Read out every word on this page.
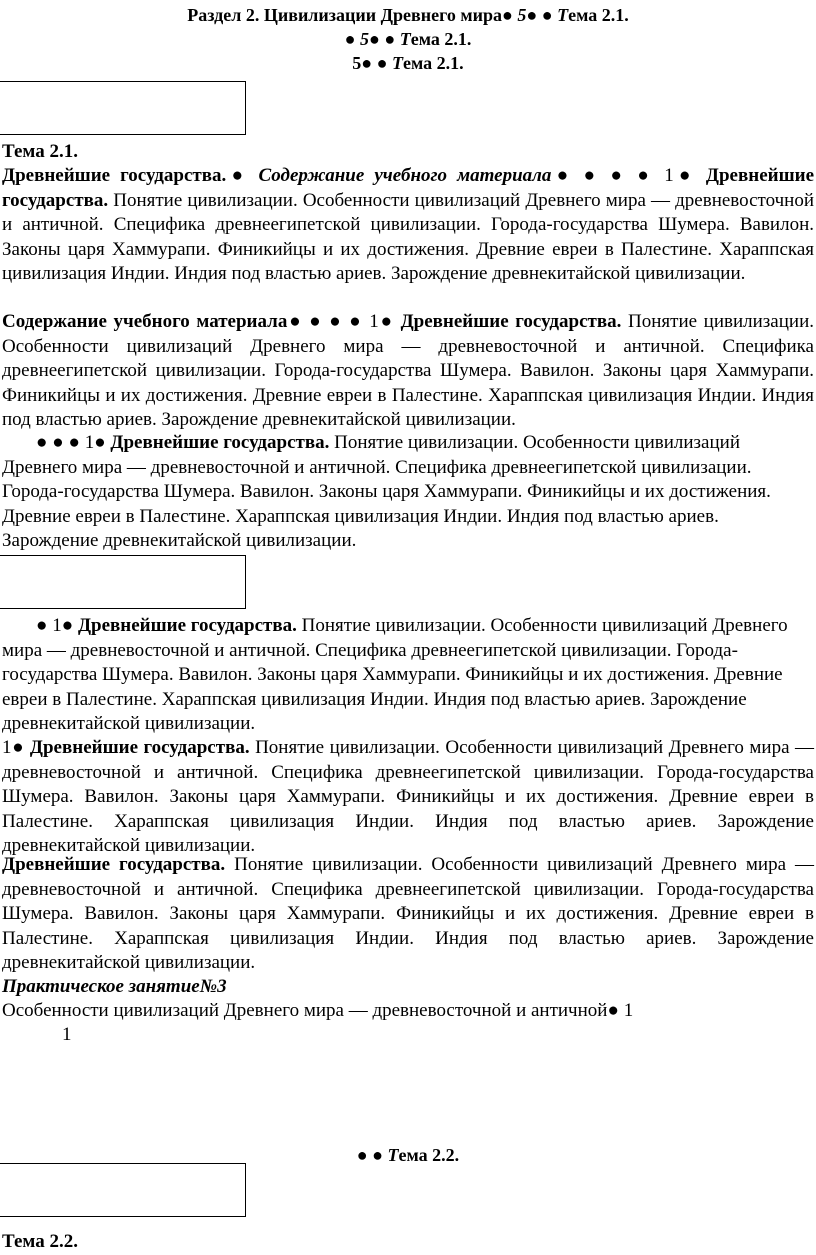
Раздел 2. Цивилизации Древнего мира● 5● ● Тема 2.1.
● 5● ● Тема 2.1.
5● ● Тема 2.1.
Тема 2.1.

Древнейшие государства.● Содержание учебного материала● ● ● ● 1● Древнейшие государства. Понятие цивилизации. Особенности цивилизаций Древнего мира — древневосточной и античной. Специфика древнеегипетской цивилизации. Города-государства Шумера. Вавилон. Законы царя Хаммурапи. Финикийцы и их достижения. Древние евреи в Палестине. Хараппская цивилизация Индии. Индия под властью ариев. Зарождение древнекитайской цивилизации.

Содержание учебного материала● ● ● ● 1● Древнейшие государства. Понятие цивилизации. Особенности цивилизаций Древнего мира — древневосточной и античной. Специфика древнеегипетской цивилизации. Города-государства Шумера. Вавилон. Законы царя Хаммурапи. Финикийцы и их достижения. Древние евреи в Палестине. Хараппская цивилизация Индии. Индия под властью ариев. Зарождение древнекитайской цивилизации.

● ● ● 1● Древнейшие государства. Понятие цивилизации. Особенности цивилизаций Древнего мира — древневосточной и античной. Специфика древнеегипетской цивилизации. Города-государства Шумера. Вавилон. Законы царя Хаммурапи. Финикийцы и их достижения. Древние евреи в Палестине. Хараппская цивилизация Индии. Индия под властью ариев. Зарождение древнекитайской цивилизации.

● 1● Древнейшие государства. Понятие цивилизации. Особенности цивилизаций Древнего мира — древневосточной и античной. Специфика древнеегипетской цивилизации. Города-государства Шумера. Вавилон. Законы царя Хаммурапи. Финикийцы и их достижения. Древние евреи в Палестине. Хараппская цивилизация Индии. Индия под властью ариев. Зарождение древнекитайской цивилизации.

1● Древнейшие государства. Понятие цивилизации. Особенности цивилизаций Древнего мира — древневосточной и античной. Специфика древнеегипетской цивилизации. Города-государства Шумера. Вавилон. Законы царя Хаммурапи. Финикийцы и их достижения. Древние евреи в Палестине. Хараппская цивилизация Индии. Индия под властью ариев. Зарождение древнекитайской цивилизации.

Древнейшие государства. Понятие цивилизации. Особенности цивилизаций Древнего мира — древневосточной и античной. Специфика древнеегипетской цивилизации. Города-государства Шумера. Вавилон. Законы царя Хаммурапи. Финикийцы и их достижения. Древние евреи в Палестине. Хараппская цивилизация Индии. Индия под властью ариев. Зарождение древнекитайской цивилизации.

Практическое занятие№3
Особенности цивилизаций Древнего мира — древневосточной и античной● 1
1
● ● Тема 2.2.
Тема 2.2.
